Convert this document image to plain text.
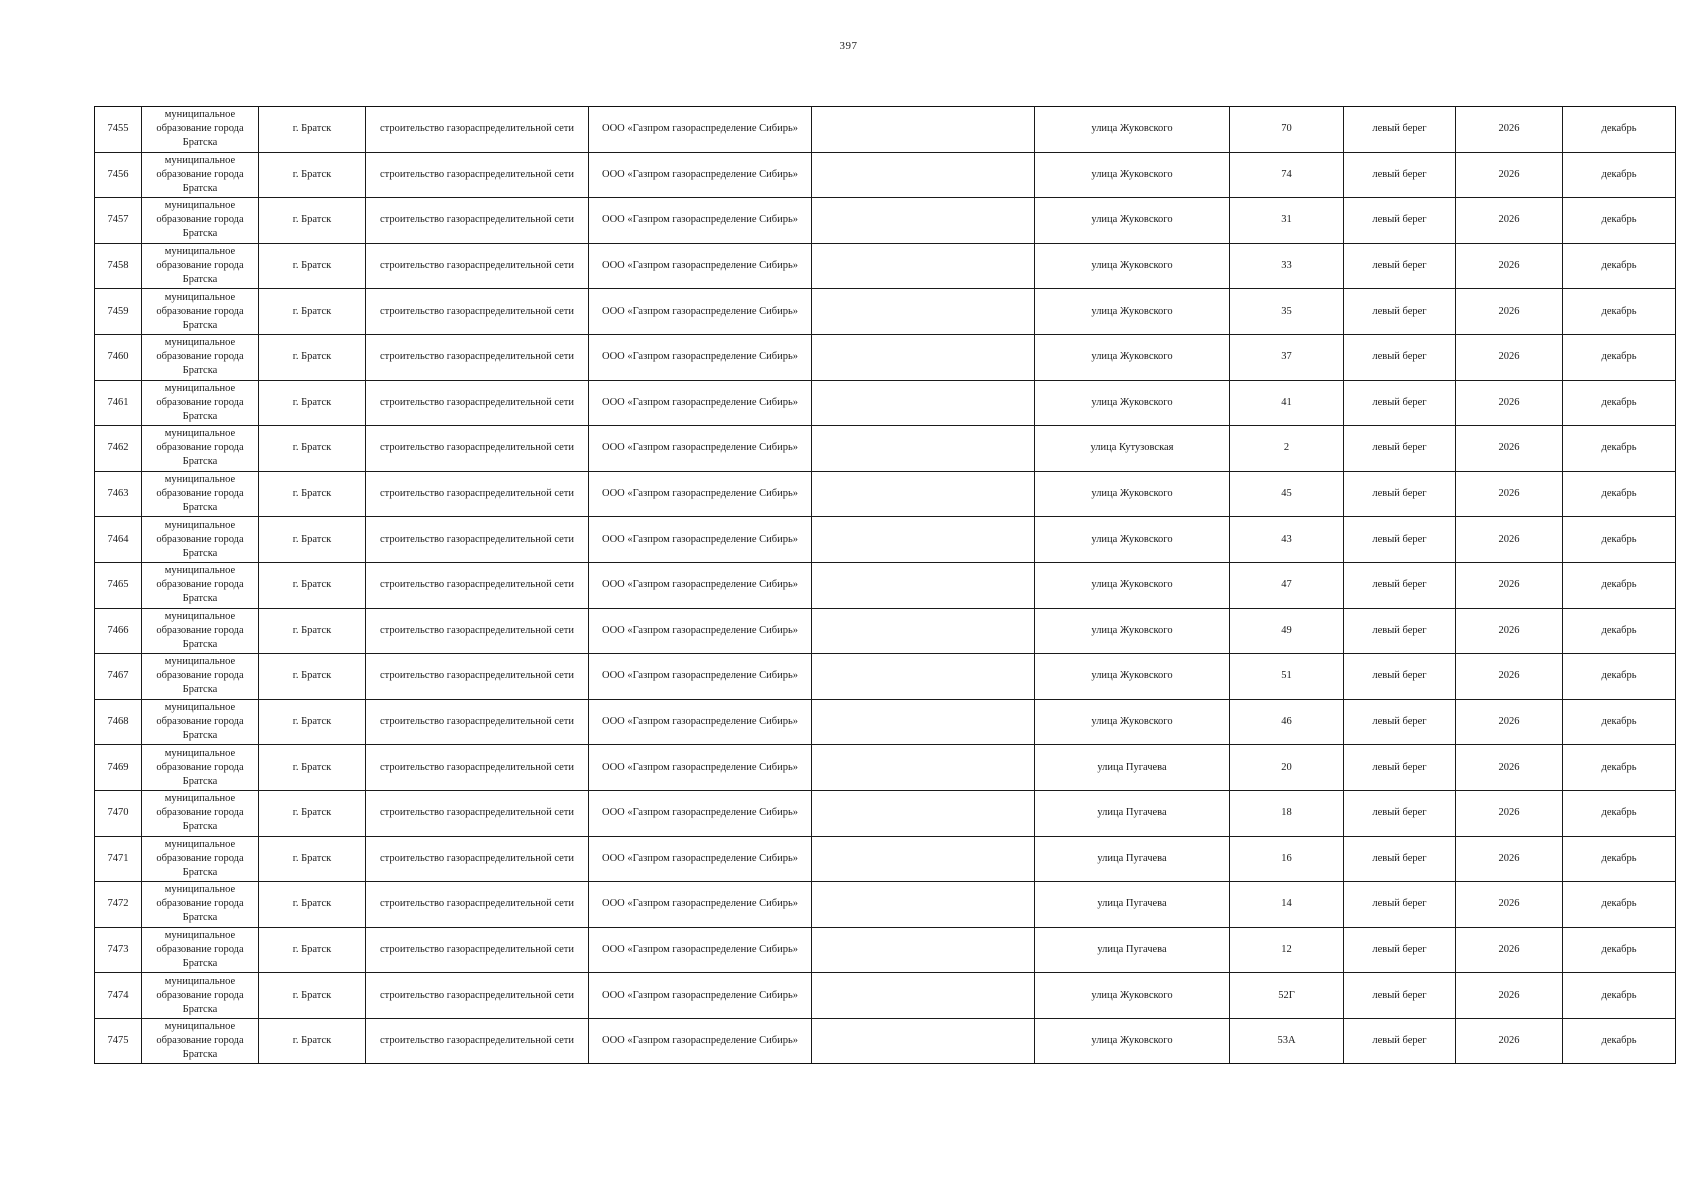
397
7455	муниципальное образование города Братска	г. Братск	строительство газораспределительной сети	ООО «Газпром газораспределение Сибирь»		улица Жуковского	70	левый берег	2026	декабрь
7456	муниципальное образование города Братска	г. Братск	строительство газораспределительной сети	ООО «Газпром газораспределение Сибирь»		улица Жуковского	74	левый берег	2026	декабрь
7457	муниципальное образование города Братска	г. Братск	строительство газораспределительной сети	ООО «Газпром газораспределение Сибирь»		улица Жуковского	31	левый берег	2026	декабрь
7458	муниципальное образование города Братска	г. Братск	строительство газораспределительной сети	ООО «Газпром газораспределение Сибирь»		улица Жуковского	33	левый берег	2026	декабрь
7459	муниципальное образование города Братска	г. Братск	строительство газораспределительной сети	ООО «Газпром газораспределение Сибирь»		улица Жуковского	35	левый берег	2026	декабрь
7460	муниципальное образование города Братска	г. Братск	строительство газораспределительной сети	ООО «Газпром газораспределение Сибирь»		улица Жуковского	37	левый берег	2026	декабрь
7461	муниципальное образование города Братска	г. Братск	строительство газораспределительной сети	ООО «Газпром газораспределение Сибирь»		улица Жуковского	41	левый берег	2026	декабрь
7462	муниципальное образование города Братска	г. Братск	строительство газораспределительной сети	ООО «Газпром газораспределение Сибирь»		улица Кутузовская	2	левый берег	2026	декабрь
7463	муниципальное образование города Братска	г. Братск	строительство газораспределительной сети	ООО «Газпром газораспределение Сибирь»		улица Жуковского	45	левый берег	2026	декабрь
7464	муниципальное образование города Братска	г. Братск	строительство газораспределительной сети	ООО «Газпром газораспределение Сибирь»		улица Жуковского	43	левый берег	2026	декабрь
7465	муниципальное образование города Братска	г. Братск	строительство газораспределительной сети	ООО «Газпром газораспределение Сибирь»		улица Жуковского	47	левый берег	2026	декабрь
7466	муниципальное образование города Братска	г. Братск	строительство газораспределительной сети	ООО «Газпром газораспределение Сибирь»		улица Жуковского	49	левый берег	2026	декабрь
7467	муниципальное образование города Братска	г. Братск	строительство газораспределительной сети	ООО «Газпром газораспределение Сибирь»		улица Жуковского	51	левый берег	2026	декабрь
7468	муниципальное образование города Братска	г. Братск	строительство газораспределительной сети	ООО «Газпром газораспределение Сибирь»		улица Жуковского	46	левый берег	2026	декабрь
7469	муниципальное образование города Братска	г. Братск	строительство газораспределительной сети	ООО «Газпром газораспределение Сибирь»		улица Пугачева	20	левый берег	2026	декабрь
7470	муниципальное образование города Братска	г. Братск	строительство газораспределительной сети	ООО «Газпром газораспределение Сибирь»		улица Пугачева	18	левый берег	2026	декабрь
7471	муниципальное образование города Братска	г. Братск	строительство газораспределительной сети	ООО «Газпром газораспределение Сибирь»		улица Пугачева	16	левый берег	2026	декабрь
7472	муниципальное образование города Братска	г. Братск	строительство газораспределительной сети	ООО «Газпром газораспределение Сибирь»		улица Пугачева	14	левый берег	2026	декабрь
7473	муниципальное образование города Братска	г. Братск	строительство газораспределительной сети	ООО «Газпром газораспределение Сибирь»		улица Пугачева	12	левый берег	2026	декабрь
7474	муниципальное образование города Братска	г. Братск	строительство газораспределительной сети	ООО «Газпром газораспределение Сибирь»		улица Жуковского	52Г	левый берег	2026	декабрь
7475	муниципальное образование города Братска	г. Братск	строительство газораспределительной сети	ООО «Газпром газораспределение Сибирь»		улица Жуковского	53А	левый берег	2026	декабрь
